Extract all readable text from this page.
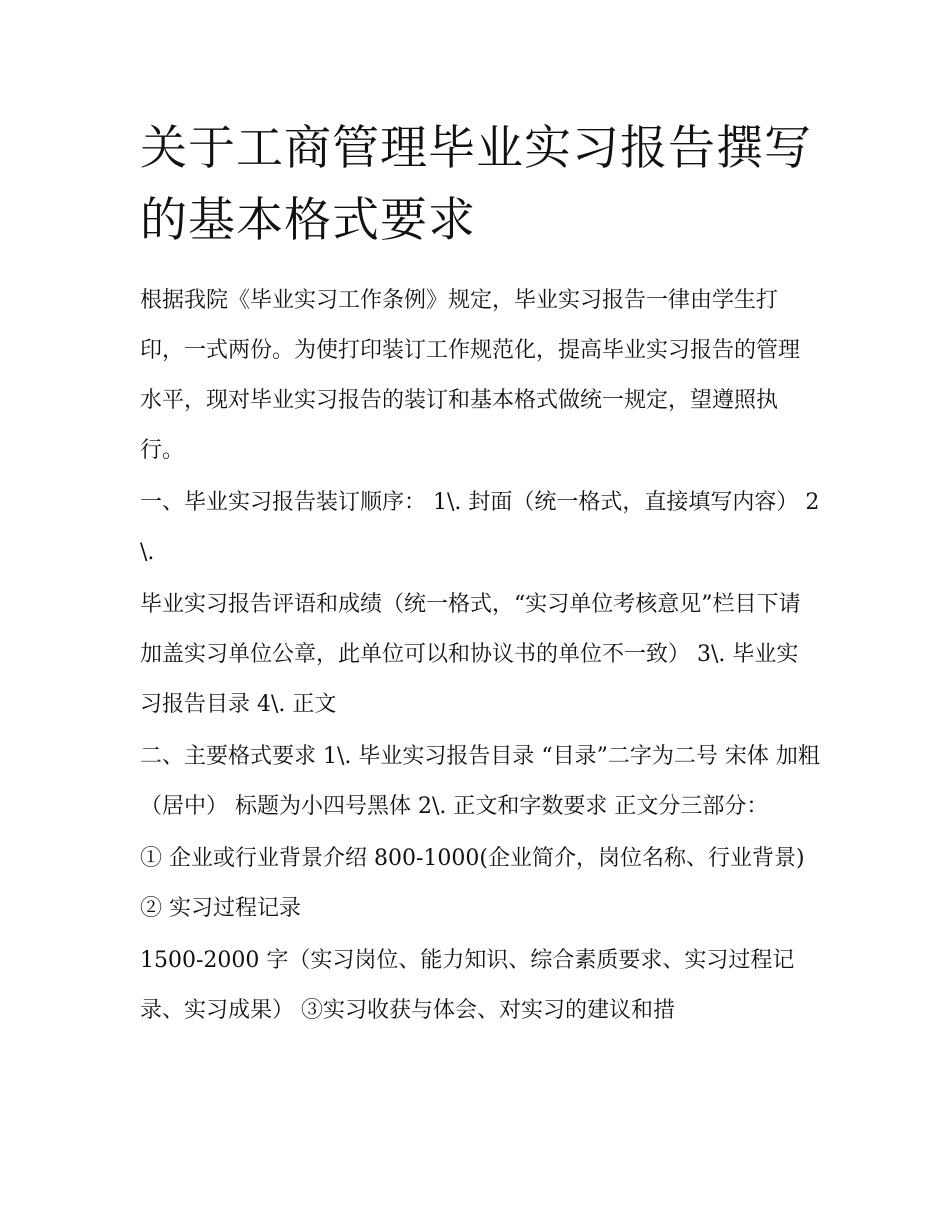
关于工商管理毕业实习报告撰写的基本格式要求

根据我院《毕业实习工作条例》规定，毕业实习报告一律由学生打印，一式两份。为使打印装订工作规范化，提高毕业实习报告的管理水平，现对毕业实习报告的装订和基本格式做统一规定，望遵照执行。

一、毕业实习报告装订顺序： 1\. 封面（统一格式，直接填写内容） 2\.

毕业实习报告评语和成绩（统一格式，“实习单位考核意见”栏目下请加盖实习单位公章，此单位可以和协议书的单位不一致） 3\. 毕业实习报告目录 4\. 正文

二、主要格式要求 1\. 毕业实习报告目录 “目录”二字为二号 宋体 加粗（居中） 标题为小四号黑体 2\. 正文和字数要求 正文分三部分：

① 企业或行业背景介绍 800-1000(企业简介，岗位名称、行业背景) ② 实习过程记录

1500-2000 字（实习岗位、能力知识、综合素质要求、实习过程记录、实习成果） ③实习收获与体会、对实习的建议和措
